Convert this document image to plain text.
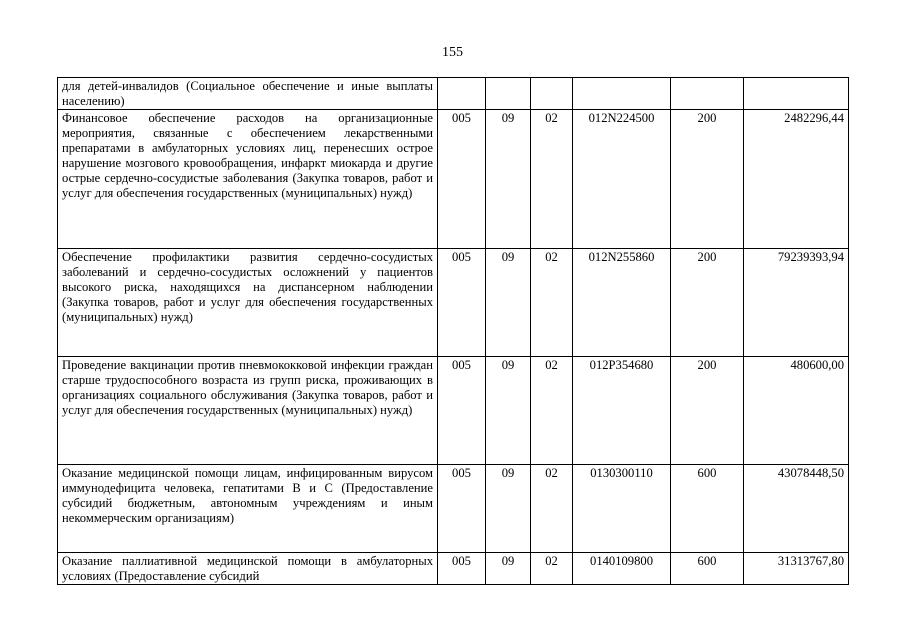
155
для детей-инвалидов (Социальное обеспечение и иные выплаты населению)						
Финансовое обеспечение расходов на организационные мероприятия, связанные с обеспечением лекарственными препаратами в амбулаторных условиях лиц, перенесших острое нарушение мозгового кровообращения, инфаркт миокарда и другие острые сердечно-сосудистые заболевания (Закупка товаров, работ и услуг для обеспечения государственных (муниципальных) нужд)	005	09	02	012N224500	200	2482296,44
Обеспечение профилактики развития сердечно-сосудистых заболеваний и сердечно-сосудистых осложнений у пациентов высокого риска, находящихся на диспансерном наблюдении (Закупка товаров, работ и услуг для обеспечения государственных (муниципальных) нужд)	005	09	02	012N255860	200	79239393,94
Проведение вакцинации против пневмококковой инфекции граждан старше трудоспособного возраста из групп риска, проживающих в организациях социального обслуживания (Закупка товаров, работ и услуг для обеспечения государственных (муниципальных) нужд)	005	09	02	012P354680	200	480600,00
Оказание медицинской помощи лицам, инфицированным вирусом иммунодефицита человека, гепатитами B и C (Предоставление субсидий бюджетным, автономным учреждениям и иным некоммерческим организациям)	005	09	02	0130300110	600	43078448,50
Оказание паллиативной медицинской помощи в амбулаторных условиях (Предоставление субсидий	005	09	02	0140109800	600	31313767,80
